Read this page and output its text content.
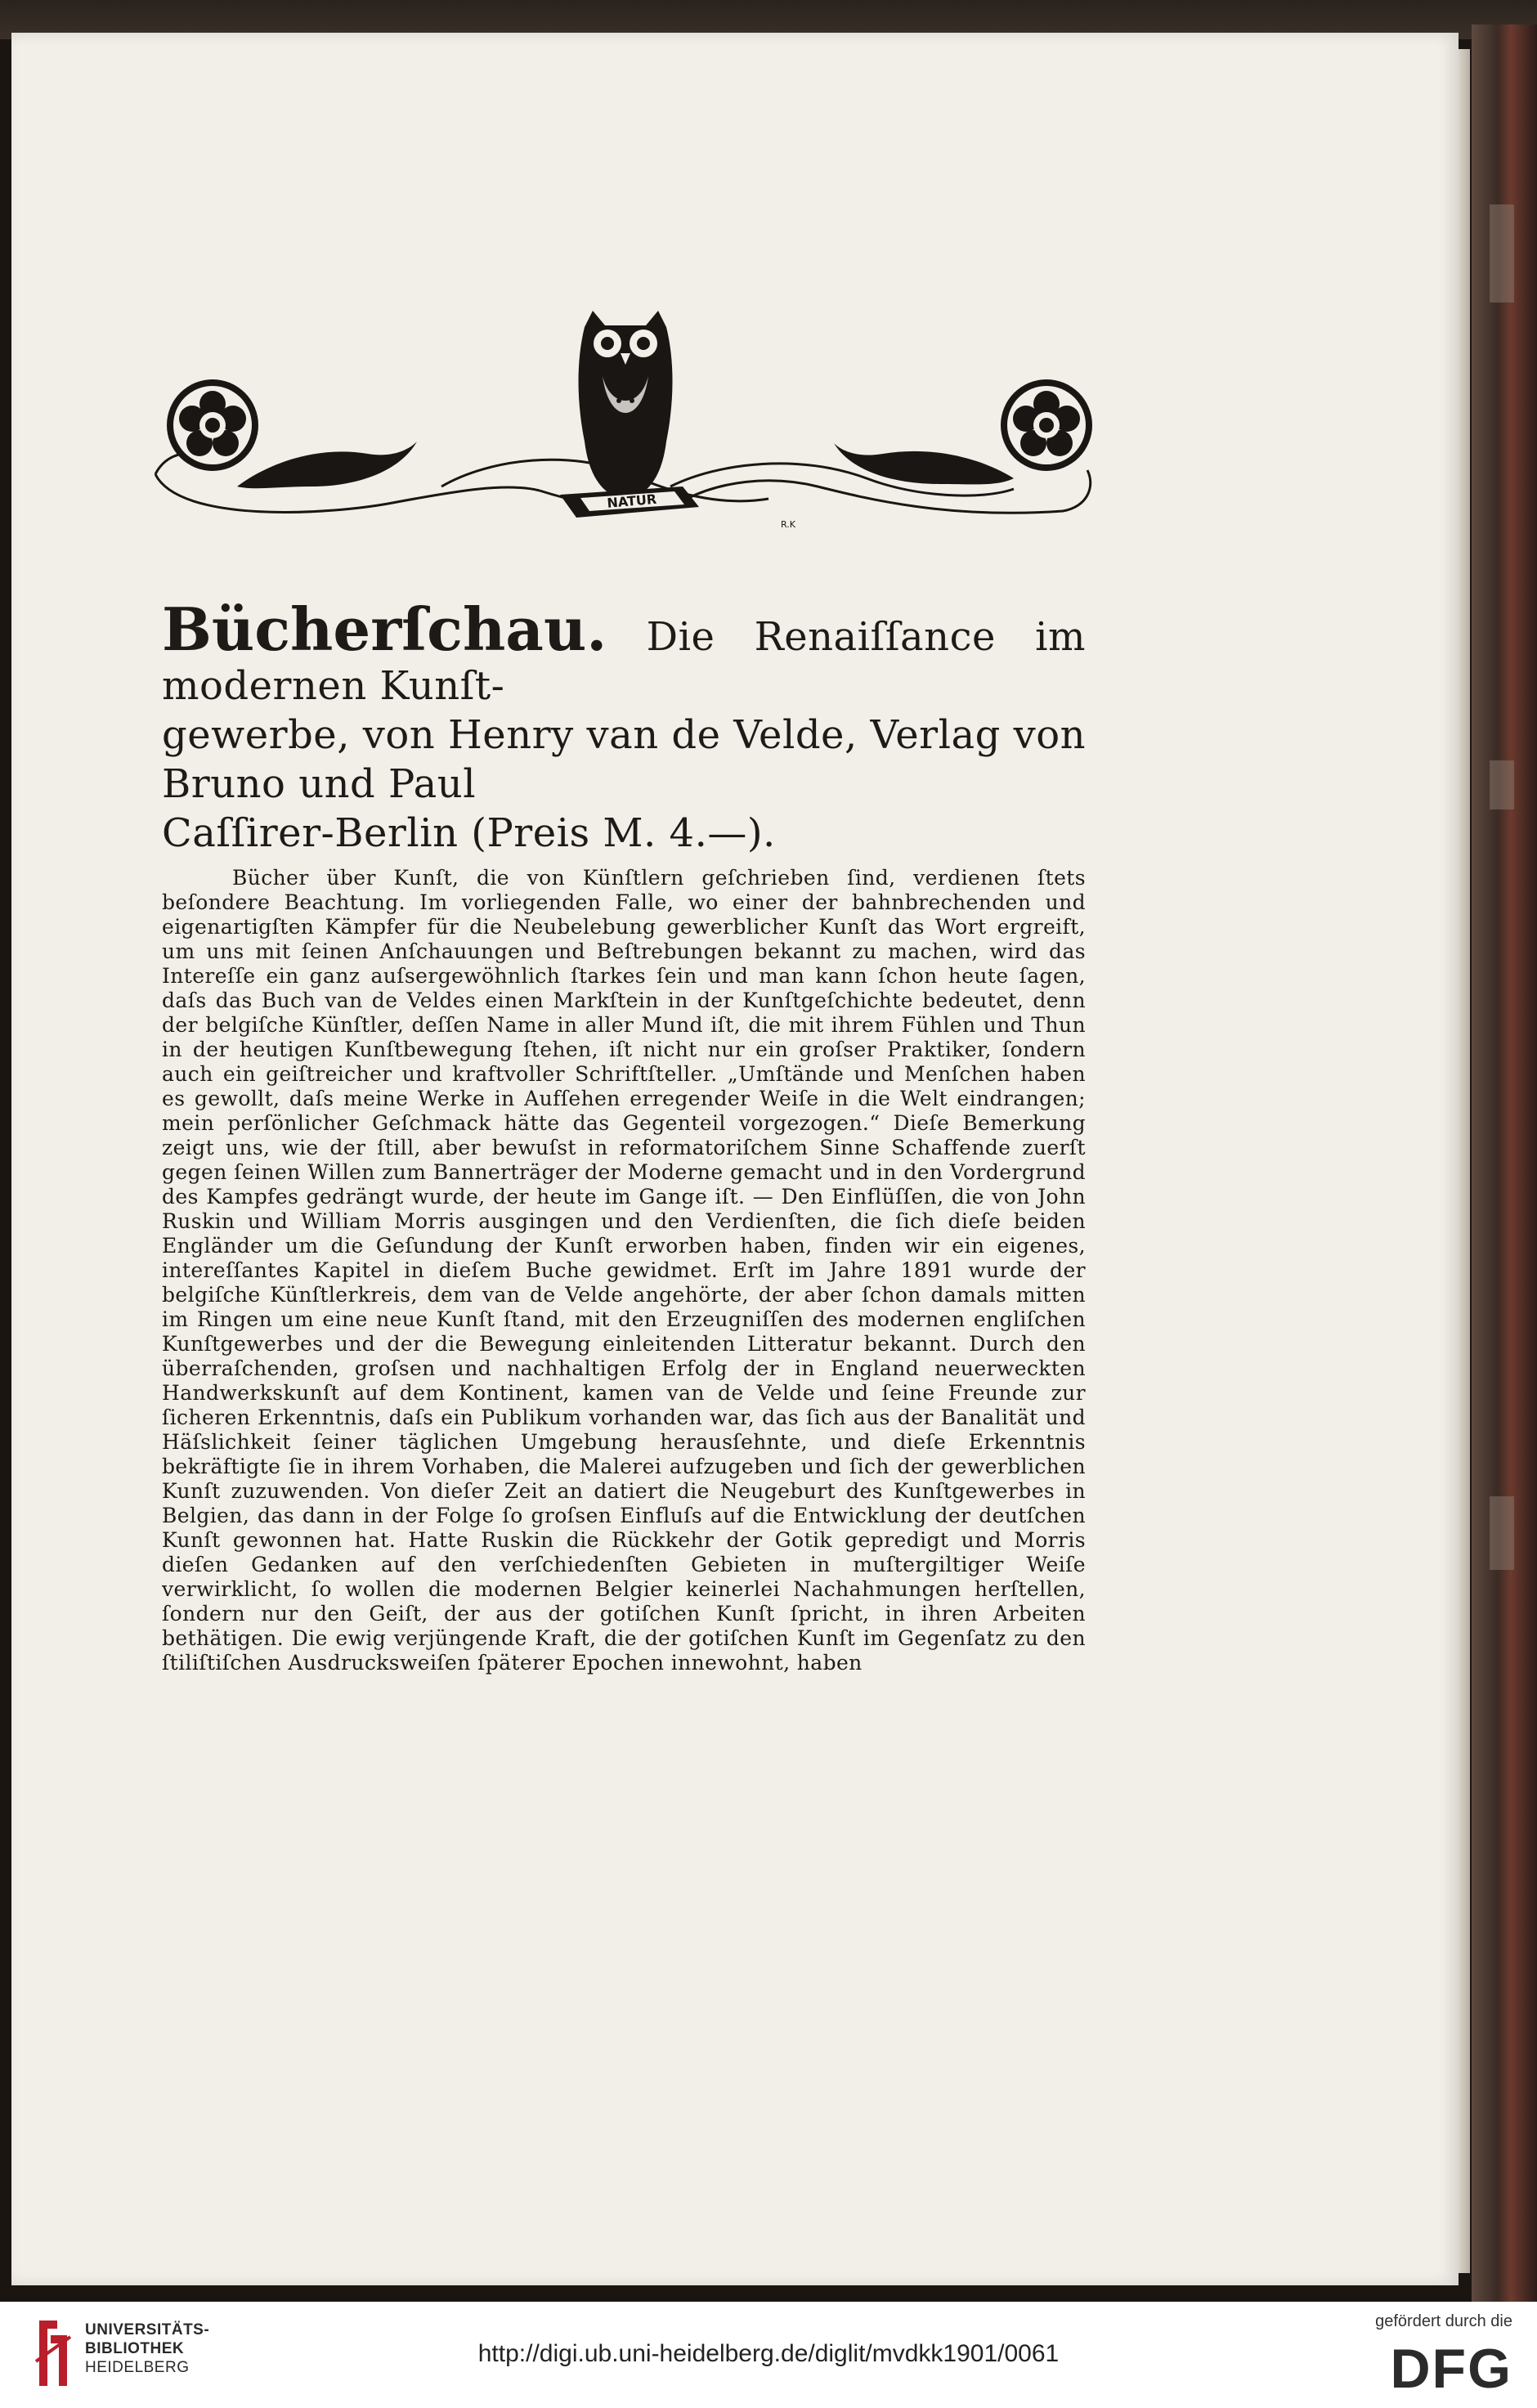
NATUR
R.K

Bücherſchau. Die Renaiſſance im modernen Kunſt-
gewerbe, von Henry van de Velde, Verlag von Bruno und Paul
Caſſirer-Berlin (Preis M. 4.—).

Bücher über Kunſt, die von Künſtlern geſchrieben ſind, verdienen ſtets beſondere Beachtung. Im vorliegenden Falle, wo einer der bahnbrechenden und eigenartigſten Kämpfer für die Neubelebung gewerblicher Kunſt das Wort ergreift, um uns mit ſeinen Anſchauungen und Beſtrebungen bekannt zu machen, wird das Intereſſe ein ganz auſsergewöhnlich ſtarkes ſein und man kann ſchon heute ſagen, daſs das Buch van de Veldes einen Markſtein in der Kunſtgeſchichte bedeutet, denn der belgiſche Künſtler, deſſen Name in aller Mund iſt, die mit ihrem Fühlen und Thun in der heutigen Kunſtbewegung ſtehen, iſt nicht nur ein groſser Praktiker, ſondern auch ein geiſtreicher und kraftvoller Schriftſteller. „Umſtände und Menſchen haben es gewollt, daſs meine Werke in Aufſehen erregender Weiſe in die Welt eindrangen; mein perſönlicher Geſchmack hätte das Gegenteil vorgezogen.“ Dieſe Bemerkung zeigt uns, wie der ſtill, aber bewuſst in reformatoriſchem Sinne Schaffende zuerſt gegen ſeinen Willen zum Bannerträger der Moderne gemacht und in den Vordergrund des Kampfes gedrängt wurde, der heute im Gange iſt. — Den Einflüſſen, die von John Ruskin und William Morris ausgingen und den Verdienſten, die ſich dieſe beiden Engländer um die Geſundung der Kunſt erworben haben, finden wir ein eigenes, intereſſantes Kapitel in dieſem Buche gewidmet. Erſt im Jahre 1891 wurde der belgiſche Künſtlerkreis, dem van de Velde angehörte, der aber ſchon damals mitten im Ringen um eine neue Kunſt ſtand, mit den Erzeugniſſen des modernen engliſchen Kunſtgewerbes und der die Bewegung einleitenden Litteratur bekannt. Durch den überraſchenden, groſsen und nachhaltigen Erfolg der in England neuerweckten Handwerkskunſt auf dem Kontinent, kamen van de Velde und ſeine Freunde zur ſicheren Erkenntnis, daſs ein Publikum vorhanden war, das ſich aus der Banalität und Häſslichkeit ſeiner täglichen Umgebung herausſehnte, und dieſe Erkenntnis bekräftigte ſie in ihrem Vorhaben, die Malerei aufzugeben und ſich der gewerblichen Kunſt zuzuwenden. Von dieſer Zeit an datiert die Neugeburt des Kunſtgewerbes in Belgien, das dann in der Folge ſo groſsen Einfluſs auf die Entwicklung der deutſchen Kunſt gewonnen hat. Hatte Ruskin die Rückkehr der Gotik gepredigt und Morris dieſen Gedanken auf den verſchiedenſten Gebieten in muſtergiltiger Weiſe verwirklicht, ſo wollen die modernen Belgier keinerlei Nachahmungen herſtellen, ſondern nur den Geiſt, der aus der gotiſchen Kunſt ſpricht, in ihren Arbeiten bethätigen. Die ewig verjüngende Kraft, die der gotiſchen Kunſt im Gegenſatz zu den ſtiliſtiſchen Ausdrucksweiſen ſpäterer Epochen innewohnt, haben

UNIVERSITÄTS-
BIBLIOTHEK
HEIDELBERG
http://digi.ub.uni-heidelberg.de/diglit/mvdkk1901/0061
gefördert durch die
DFG
